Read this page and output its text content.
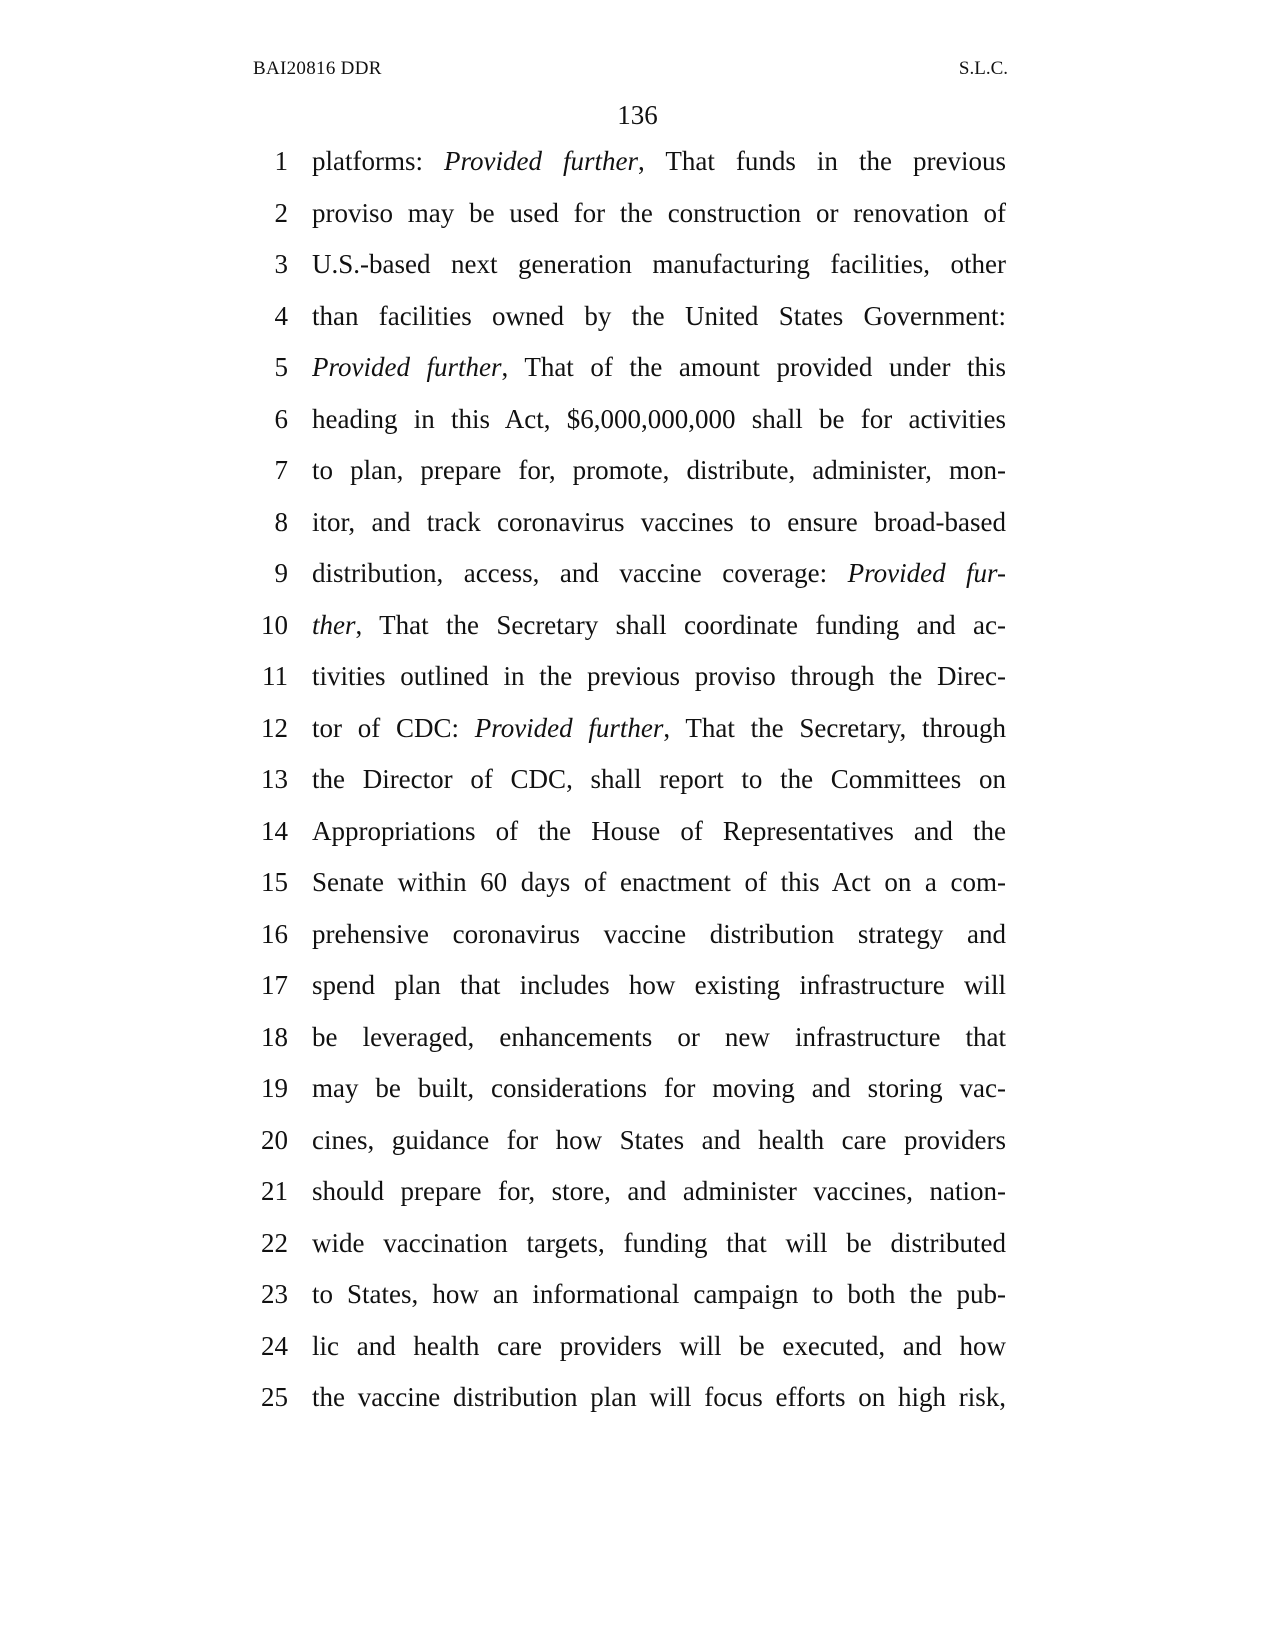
BAI20816 DDR	S.L.C.
136
1 platforms: Provided further, That funds in the previous
2 proviso may be used for the construction or renovation of
3 U.S.-based next generation manufacturing facilities, other
4 than facilities owned by the United States Government:
5 Provided further, That of the amount provided under this
6 heading in this Act, $6,000,000,000 shall be for activities
7 to plan, prepare for, promote, distribute, administer, mon-
8 itor, and track coronavirus vaccines to ensure broad-based
9 distribution, access, and vaccine coverage: Provided fur-
10 ther, That the Secretary shall coordinate funding and ac-
11 tivities outlined in the previous proviso through the Direc-
12 tor of CDC: Provided further, That the Secretary, through
13 the Director of CDC, shall report to the Committees on
14 Appropriations of the House of Representatives and the
15 Senate within 60 days of enactment of this Act on a com-
16 prehensive coronavirus vaccine distribution strategy and
17 spend plan that includes how existing infrastructure will
18 be leveraged, enhancements or new infrastructure that
19 may be built, considerations for moving and storing vac-
20 cines, guidance for how States and health care providers
21 should prepare for, store, and administer vaccines, nation-
22 wide vaccination targets, funding that will be distributed
23 to States, how an informational campaign to both the pub-
24 lic and health care providers will be executed, and how
25 the vaccine distribution plan will focus efforts on high risk,
